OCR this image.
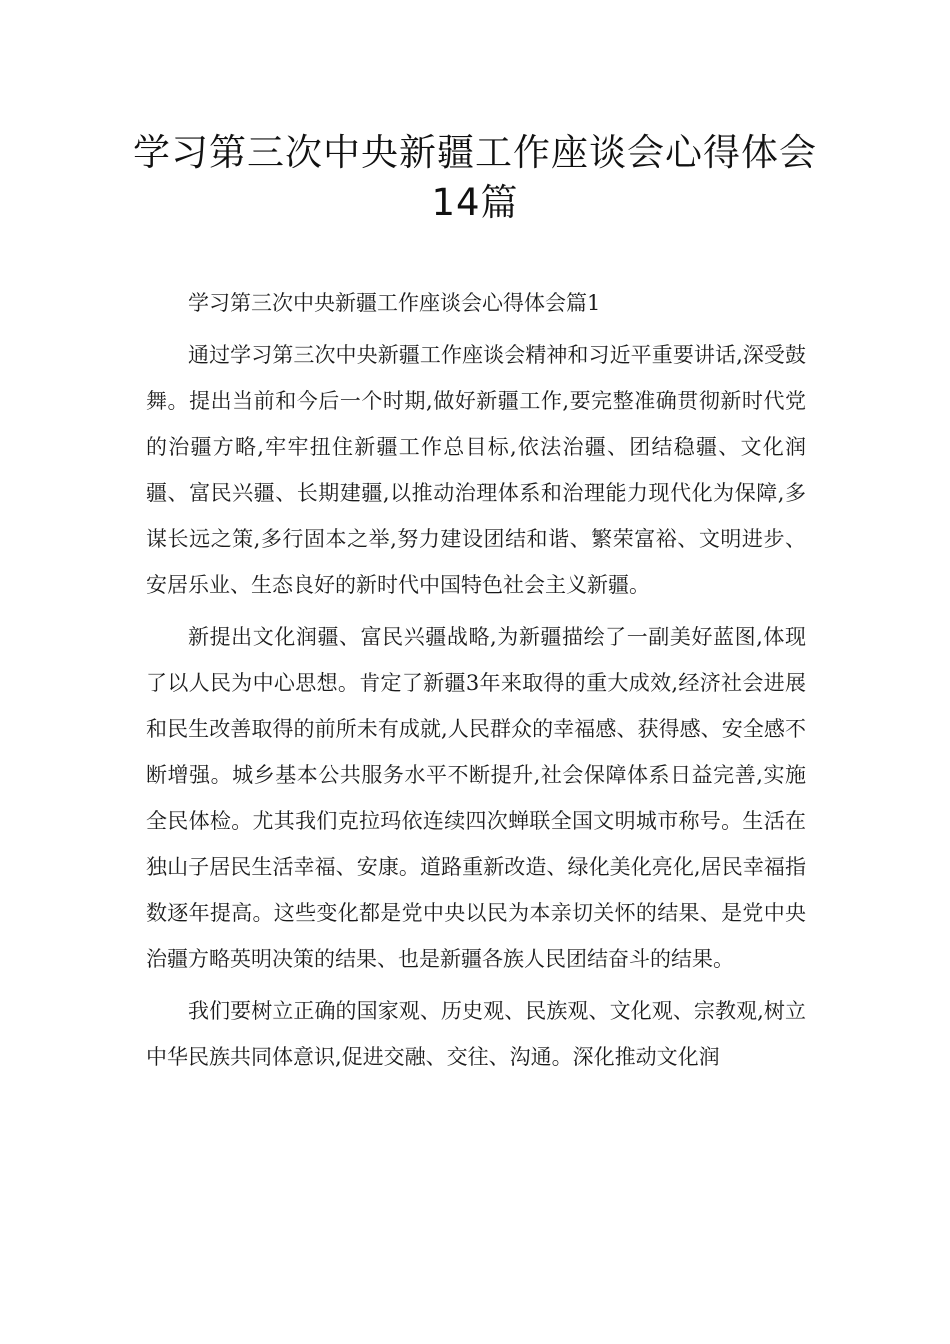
学习第三次中央新疆工作座谈会心得体会14篇

学习第三次中央新疆工作座谈会心得体会篇1

通过学习第三次中央新疆工作座谈会精神和习近平重要讲话,深受鼓舞。提出当前和今后一个时期,做好新疆工作,要完整准确贯彻新时代党的治疆方略,牢牢扭住新疆工作总目标,依法治疆、团结稳疆、文化润疆、富民兴疆、长期建疆,以推动治理体系和治理能力现代化为保障,多谋长远之策,多行固本之举,努力建设团结和谐、繁荣富裕、文明进步、安居乐业、生态良好的新时代中国特色社会主义新疆。

新提出文化润疆、富民兴疆战略,为新疆描绘了一副美好蓝图,体现了以人民为中心思想。肯定了新疆3年来取得的重大成效,经济社会进展和民生改善取得的前所未有成就,人民群众的幸福感、获得感、安全感不断增强。城乡基本公共服务水平不断提升,社会保障体系日益完善,实施全民体检。尤其我们克拉玛依连续四次蝉联全国文明城市称号。生活在独山子居民生活幸福、安康。道路重新改造、绿化美化亮化,居民幸福指数逐年提高。这些变化都是党中央以民为本亲切关怀的结果、是党中央治疆方略英明决策的结果、也是新疆各族人民团结奋斗的结果。

我们要树立正确的国家观、历史观、民族观、文化观、宗教观,树立中华民族共同体意识,促进交融、交往、沟通。深化推动文化润
